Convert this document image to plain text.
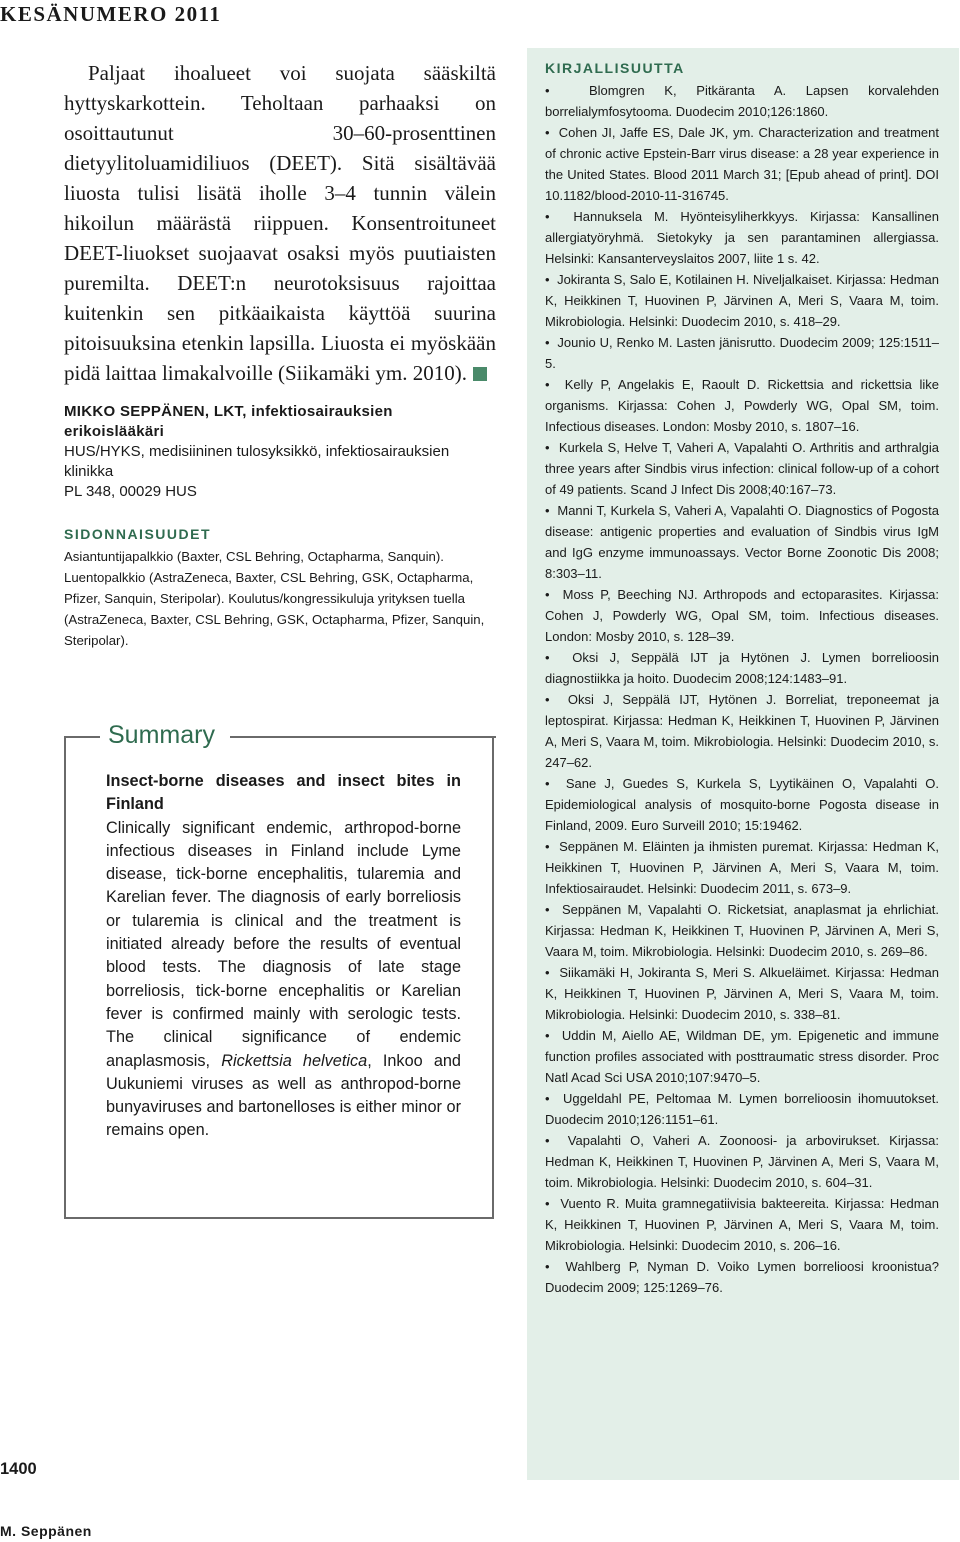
KESÄNUMERO 2011

Paljaat ihoalueet voi suojata sääskiltä hyttyskarkottein. Teholtaan parhaaksi on osoittautunut 30–60-prosenttinen dietyylitoluamidiliuos (DEET). Sitä sisältävää liuosta tulisi lisätä iholle 3–4 tunnin välein hikoilun määrästä riippuen. Konsentroituneet DEET-liuokset suojaavat osaksi myös puutiaisten puremilta. DEET:n neurotoksisuus rajoittaa kuitenkin sen pitkäaikaista käyttöä suurina pitoisuuksina etenkin lapsilla. Liuosta ei myöskään pidä laittaa limakalvoille (Siikamäki ym. 2010).

MIKKO SEPPÄNEN, LKT, infektiosairauksien erikoislääkäri
HUS/HYKS, medisiininen tulosyksikkö, infektiosairauksien klinikka
PL 348, 00029 HUS
SIDONNAISUUDET
Asiantuntijapalkkio (Baxter, CSL Behring, Octapharma, Sanquin). Luentopalkkio (AstraZeneca, Baxter, CSL Behring, GSK, Octapharma, Pfizer, Sanquin, Steripolar). Koulutus/kongressikuluja yrityksen tuella (AstraZeneca, Baxter, CSL Behring, GSK, Octapharma, Pfizer, Sanquin, Steripolar).
Summary
Insect-borne diseases and insect bites in Finland
Clinically significant endemic, arthropod-borne infectious diseases in Finland include Lyme disease, tick-borne encephalitis, tularemia and Karelian fever. The diagnosis of early borreliosis or tularemia is clinical and the treatment is initiated already before the results of eventual blood tests. The diagnosis of late stage borreliosis, tick-borne encephalitis or Karelian fever is confirmed mainly with serologic tests. The clinical significance of endemic anaplasmosis, Rickettsia helvetica, Inkoo and Uukuniemi viruses as well as anthropod-borne bunyaviruses and bartonelloses is either minor or remains open.
KIRJALLISUUTTA
•  Blomgren K, Pitkäranta A. Lapsen korvalehden borrelialymfosytooma. Duodecim 2010;126:1860.
•  Cohen JI, Jaffe ES, Dale JK, ym. Characterization and treatment of chronic active Epstein-Barr virus disease: a 28 year experience in the United States. Blood 2011 March 31; [Epub ahead of print]. DOI 10.1182/blood-2010-11-316745.
•  Hannuksela M. Hyönteisyliherkkyys. Kirjassa: Kansallinen allergiatyöryhmä. Sietokyky ja sen parantaminen allergiassa. Helsinki: Kansanterveyslaitos 2007, liite 1 s. 42.
•  Jokiranta S, Salo E, Kotilainen H. Niveljalkaiset. Kirjassa: Hedman K, Heikkinen T, Huovinen P, Järvinen A, Meri S, Vaara M, toim. Mikrobiologia. Helsinki: Duodecim 2010, s. 418–29.
•  Jounio U, Renko M. Lasten jänisrutto. Duodecim 2009; 125:1511–5.
•  Kelly P, Angelakis E, Raoult D. Rickettsia and rickettsia like organisms. Kirjassa: Cohen J, Powderly WG, Opal SM, toim. Infectious diseases. London: Mosby 2010, s. 1807–16.
•  Kurkela S, Helve T, Vaheri A, Vapalahti O. Arthritis and arthralgia three years after Sindbis virus infection: clinical follow-up of a cohort of 49 patients. Scand J Infect Dis 2008;40:167–73.
•  Manni T, Kurkela S, Vaheri A, Vapalahti O. Diagnostics of Pogosta disease: antigenic properties and evaluation of Sindbis virus IgM and IgG enzyme immunoassays. Vector Borne Zoonotic Dis 2008; 8:303–11.
•  Moss P, Beeching NJ. Arthropods and ectoparasites. Kirjassa: Cohen J, Powderly WG, Opal SM, toim. Infectious diseases. London: Mosby 2010, s. 128–39.
•  Oksi J, Seppälä IJT ja Hytönen J. Lymen borrelioosin diagnostiikka ja hoito. Duodecim 2008;124:1483–91.
•  Oksi J, Seppälä IJT, Hytönen J. Borreliat, treponeemat ja leptospirat. Kirjassa: Hedman K, Heikkinen T, Huovinen P, Järvinen A, Meri S, Vaara M, toim. Mikrobiologia. Helsinki: Duodecim 2010, s. 247–62.
•  Sane J, Guedes S, Kurkela S, Lyytikäinen O, Vapalahti O. Epidemiological analysis of mosquito-borne Pogosta disease in Finland, 2009. Euro Surveill 2010; 15:19462.
•  Seppänen M. Eläinten ja ihmisten puremat. Kirjassa: Hedman K, Heikkinen T, Huovinen P, Järvinen A, Meri S, Vaara M, toim. Infektiosairaudet. Helsinki: Duodecim 2011, s. 673–9.
•  Seppänen M, Vapalahti O. Ricketsiat, anaplasmat ja ehrlichiat. Kirjassa: Hedman K, Heikkinen T, Huovinen P, Järvinen A, Meri S, Vaara M, toim. Mikrobiologia. Helsinki: Duodecim 2010, s. 269–86.
•  Siikamäki H, Jokiranta S, Meri S. Alkueläimet. Kirjassa: Hedman K, Heikkinen T, Huovinen P, Järvinen A, Meri S, Vaara M, toim. Mikrobiologia. Helsinki: Duodecim 2010, s. 338–81.
•  Uddin M, Aiello AE, Wildman DE, ym. Epigenetic and immune function profiles associated with posttraumatic stress disorder. Proc Natl Acad Sci USA 2010;107:9470–5.
•  Uggeldahl PE, Peltomaa M. Lymen borrelioosin ihomuutokset. Duodecim 2010;126:1151–61.
•  Vapalahti O, Vaheri A. Zoonoosi- ja arbovirukset. Kirjassa: Hedman K, Heikkinen T, Huovinen P, Järvinen A, Meri S, Vaara M, toim. Mikrobiologia. Helsinki: Duodecim 2010, s. 604–31.
•  Vuento R. Muita gramnegatiivisia bakteereita. Kirjassa: Hedman K, Heikkinen T, Huovinen P, Järvinen A, Meri S, Vaara M, toim. Mikrobiologia. Helsinki: Duodecim 2010, s. 206–16.
•  Wahlberg P, Nyman D. Voiko Lymen borrelioosi kroonistua? Duodecim 2009; 125:1269–76.
1400
M. Seppänen
